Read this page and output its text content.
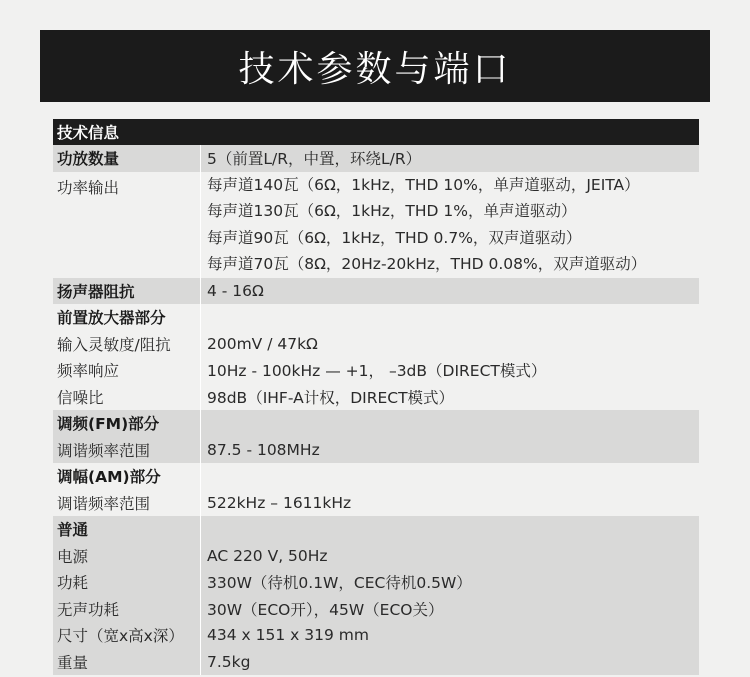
技术参数与端口
技术信息
功放数量	5（前置L/R，中置，环绕L/R）
功率输出	每声道140瓦（6Ω，1kHz，THD 10%，单声道驱动，JEITA）
每声道130瓦（6Ω，1kHz，THD 1%，单声道驱动）
每声道90瓦（6Ω，1kHz，THD 0.7%，双声道驱动）
每声道70瓦（8Ω，20Hz-20kHz，THD 0.08%，双声道驱动）
扬声器阻抗	4 - 16Ω
前置放大器部分
输入灵敏度/阻抗	200mV / 47kΩ
频率响应	10Hz - 100kHz — +1， –3dB（DIRECT模式）
信噪比	98dB（IHF-A计权，DIRECT模式）
调频(FM)部分
调谐频率范围	87.5 - 108MHz
调幅(AM)部分
调谐频率范围	522kHz – 1611kHz
普通
电源	AC 220 V, 50Hz
功耗	330W（待机0.1W，CEC待机0.5W）
无声功耗	30W（ECO开），45W（ECO关）
尺寸（宽x高x深）	434 x 151 x 319 mm
重量	7.5kg
